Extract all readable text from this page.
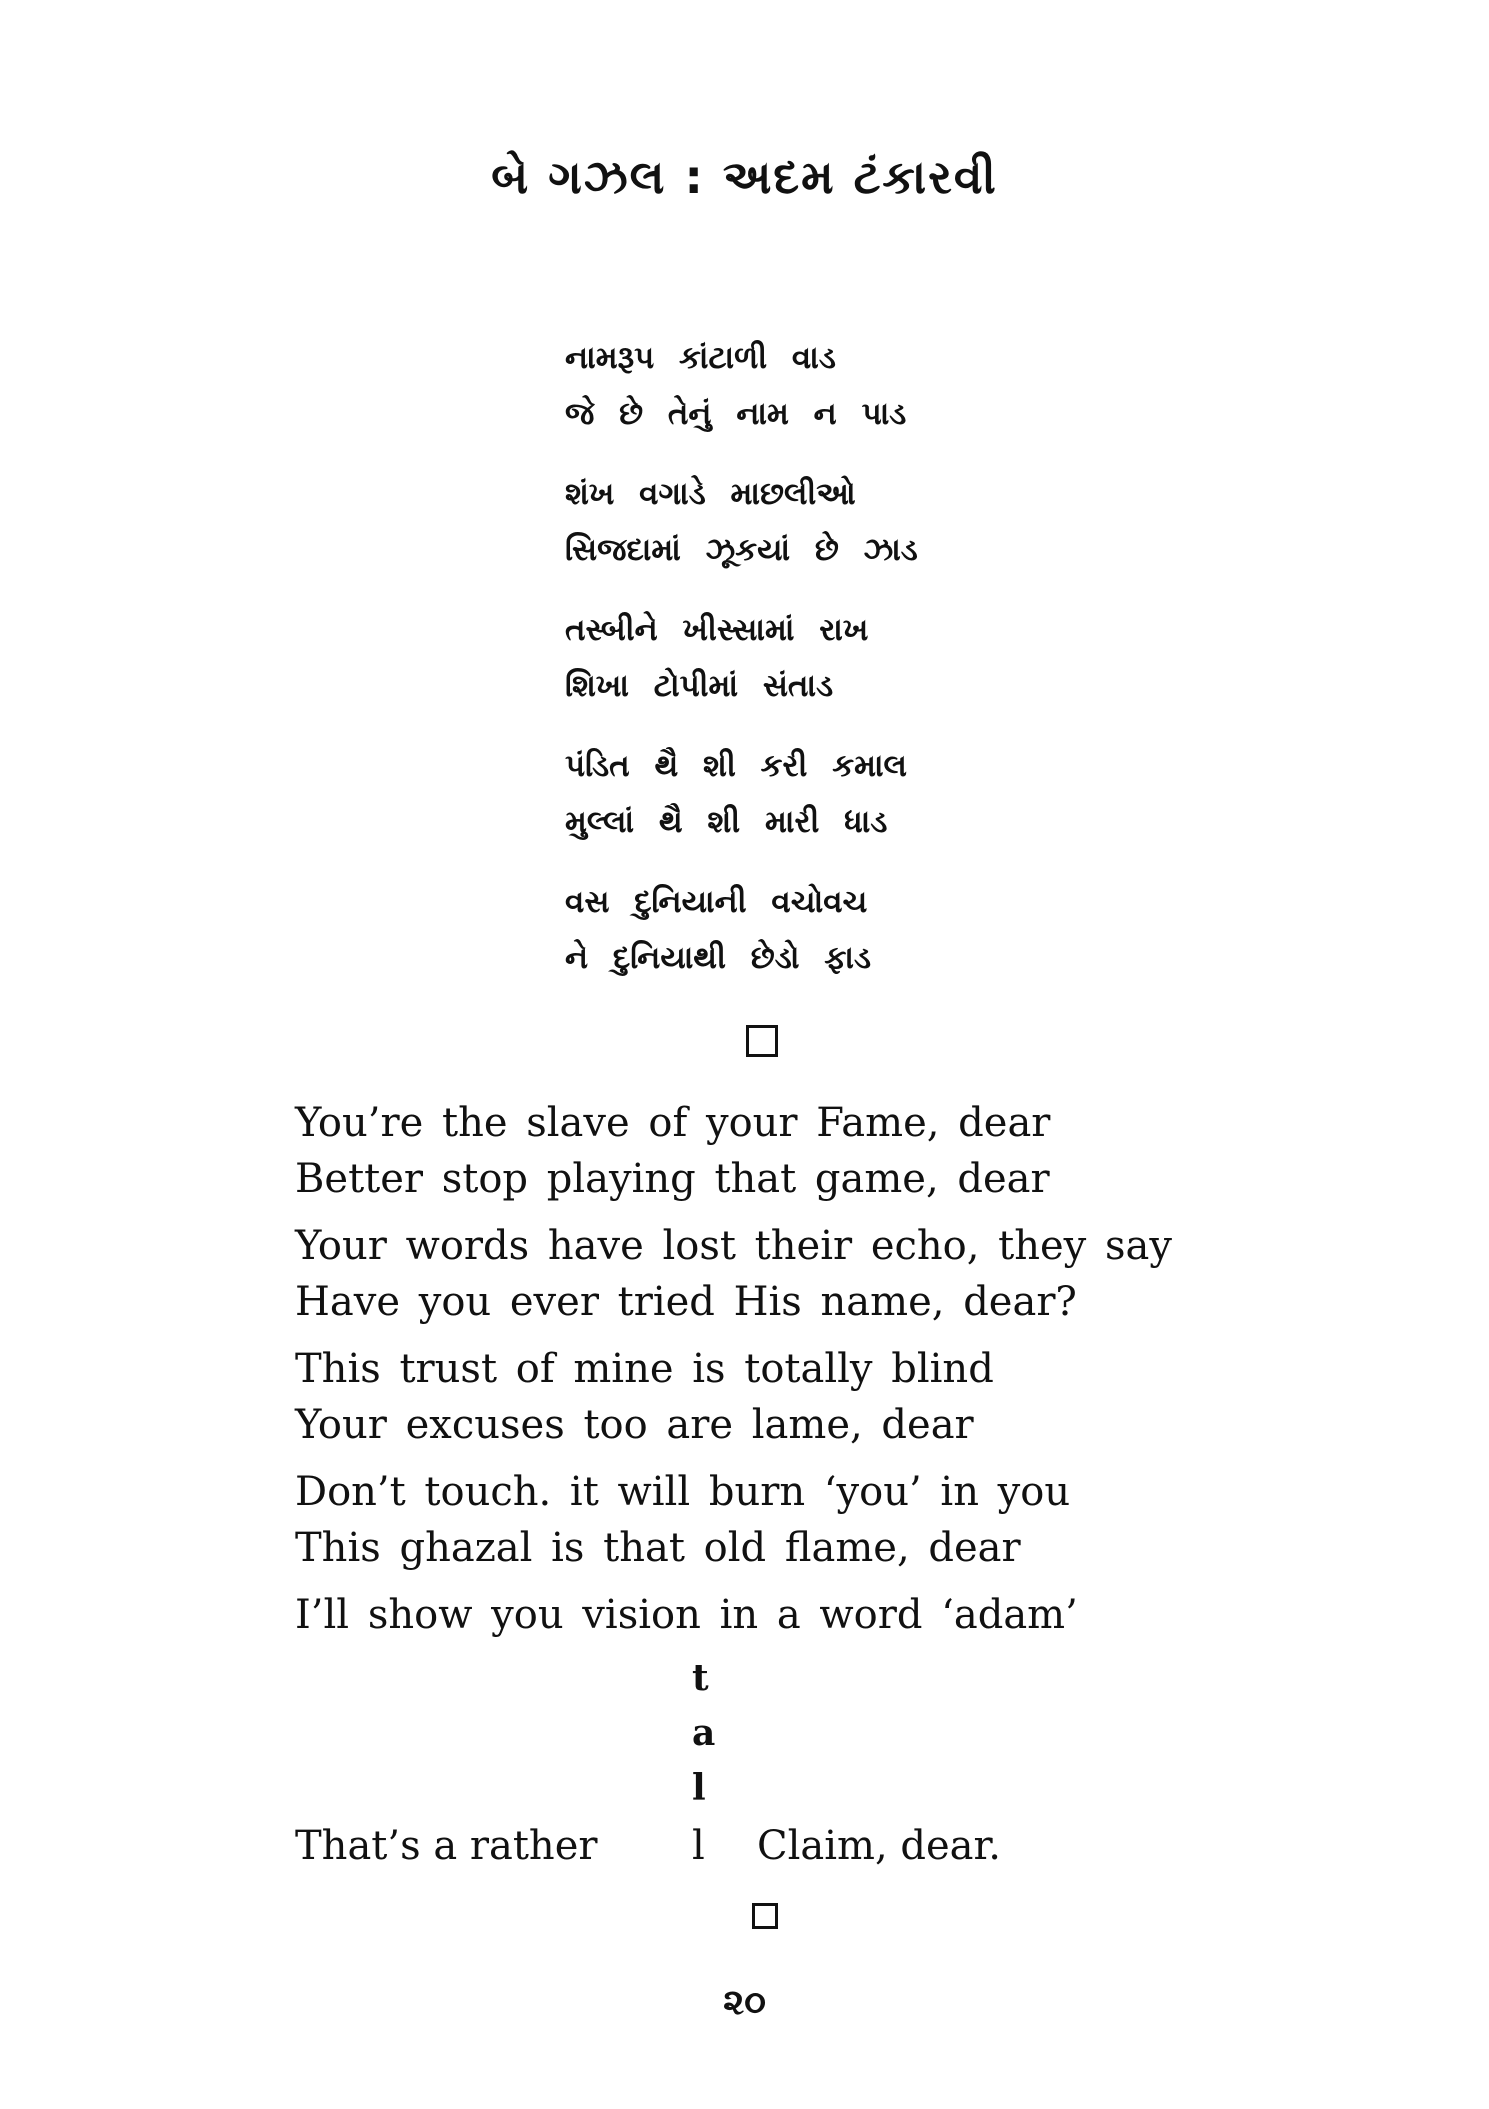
બે ગઝલ : અદમ ટંકારવી
નામરૂપ કાંટાળી વાડ
જે છે તેનું નામ ન પાડ
શંખ વગાડે માછલીઓ
સિજદામાં ઝૂકયાં છે ઝાડ
તસ્બીને ખીસ્સામાં રાખ
શિખા ટોપીમાં સંતાડ
પંડિત થૈ શી કરી કમાલ
મુલ્લાં થૈ શી મારી ધાડ
વસ દુનિયાની વચોવચ
ને દુનિયાથી છેડો ફાડ
You’re the slave of your Fame, dear
Better stop playing that game, dear
Your words have lost their echo, they say
Have you ever tried His name, dear?
This trust of mine is totally blind
Your excuses too are lame, dear
Don’t touch. it will burn ‘you’ in you
This ghazal is that old flame, dear
I’ll show you vision in a word ‘adam’
t
a
l
That’s a rather l Claim, dear.
૨૦
